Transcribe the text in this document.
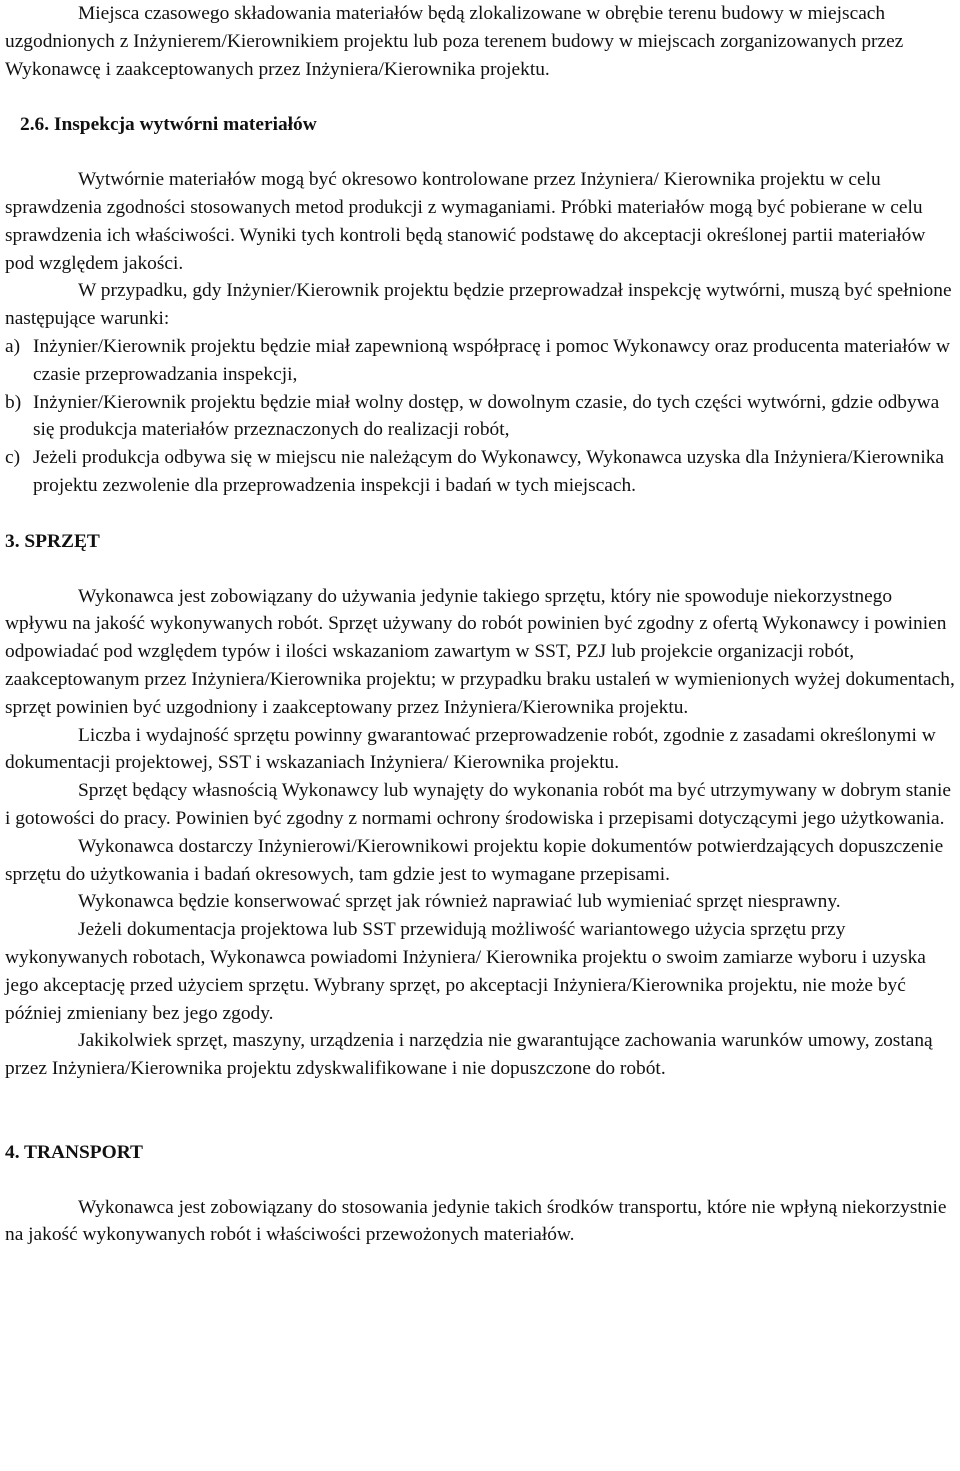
Miejsca czasowego składowania materiałów będą zlokalizowane w obrębie terenu budowy w miejscach uzgodnionych z Inżynierem/Kierownikiem projektu lub poza terenem budowy w miejscach zorganizowanych przez Wykonawcę i zaakceptowanych przez Inżyniera/Kierownika projektu.

2.6. Inspekcja wytwórni materiałów

Wytwórnie materiałów mogą być okresowo kontrolowane przez Inżyniera/ Kierownika projektu w celu sprawdzenia zgodności stosowanych metod produkcji z wymaganiami. Próbki materiałów mogą być pobierane w celu sprawdzenia ich właściwości. Wyniki tych kontroli będą stanowić podstawę do akceptacji określonej partii materiałów pod względem jakości.

W przypadku, gdy Inżynier/Kierownik projektu będzie przeprowadzał inspekcję wytwórni, muszą być spełnione następujące warunki:

a) Inżynier/Kierownik projektu będzie miał zapewnioną współpracę i pomoc Wykonawcy oraz producenta materiałów w czasie przeprowadzania inspekcji,
b) Inżynier/Kierownik projektu będzie miał wolny dostęp, w dowolnym czasie, do tych części wytwórni, gdzie odbywa się produkcja materiałów przeznaczonych do realizacji robót,
c) Jeżeli produkcja odbywa się w miejscu nie należącym do Wykonawcy, Wykonawca uzyska dla Inżyniera/Kierownika projektu zezwolenie dla przeprowadzenia inspekcji i badań w tych miejscach.

3. SPRZĘT

Wykonawca jest zobowiązany do używania jedynie takiego sprzętu, który nie spowoduje niekorzystnego wpływu na jakość wykonywanych robót. Sprzęt używany do robót powinien być zgodny z ofertą Wykonawcy i powinien odpowiadać pod względem typów i ilości wskazaniom zawartym w SST, PZJ lub projekcie organizacji robót, zaakceptowanym przez Inżyniera/Kierownika projektu; w przypadku braku ustaleń w wymienionych wyżej dokumentach, sprzęt powinien być uzgodniony i zaakceptowany przez Inżyniera/Kierownika projektu.

Liczba i wydajność sprzętu powinny gwarantować przeprowadzenie robót, zgodnie z zasadami określonymi w dokumentacji projektowej, SST i wskazaniach Inżyniera/ Kierownika projektu.

Sprzęt będący własnością Wykonawcy lub wynajęty do wykonania robót ma być utrzymywany w dobrym stanie i gotowości do pracy. Powinien być zgodny z normami ochrony środowiska i przepisami dotyczącymi jego użytkowania.

Wykonawca dostarczy Inżynierowi/Kierownikowi projektu kopie dokumentów potwierdzających dopuszczenie sprzętu do użytkowania i badań okresowych, tam gdzie jest to wymagane przepisami.

Wykonawca będzie konserwować sprzęt jak również naprawiać lub wymieniać sprzęt niesprawny.

Jeżeli dokumentacja projektowa lub SST przewidują możliwość wariantowego użycia sprzętu przy wykonywanych robotach, Wykonawca powiadomi Inżyniera/ Kierownika projektu o swoim zamiarze wyboru i uzyska jego akceptację przed użyciem sprzętu. Wybrany sprzęt, po akceptacji Inżyniera/Kierownika projektu, nie może być później zmieniany bez jego zgody.

Jakikolwiek sprzęt, maszyny, urządzenia i narzędzia nie gwarantujące zachowania warunków umowy, zostaną przez Inżyniera/Kierownika projektu zdyskwalifikowane i nie dopuszczone do robót.

4. TRANSPORT

Wykonawca jest zobowiązany do stosowania jedynie takich środków transportu, które nie wpłyną niekorzystnie na jakość wykonywanych robót i właściwości przewożonych materiałów.
